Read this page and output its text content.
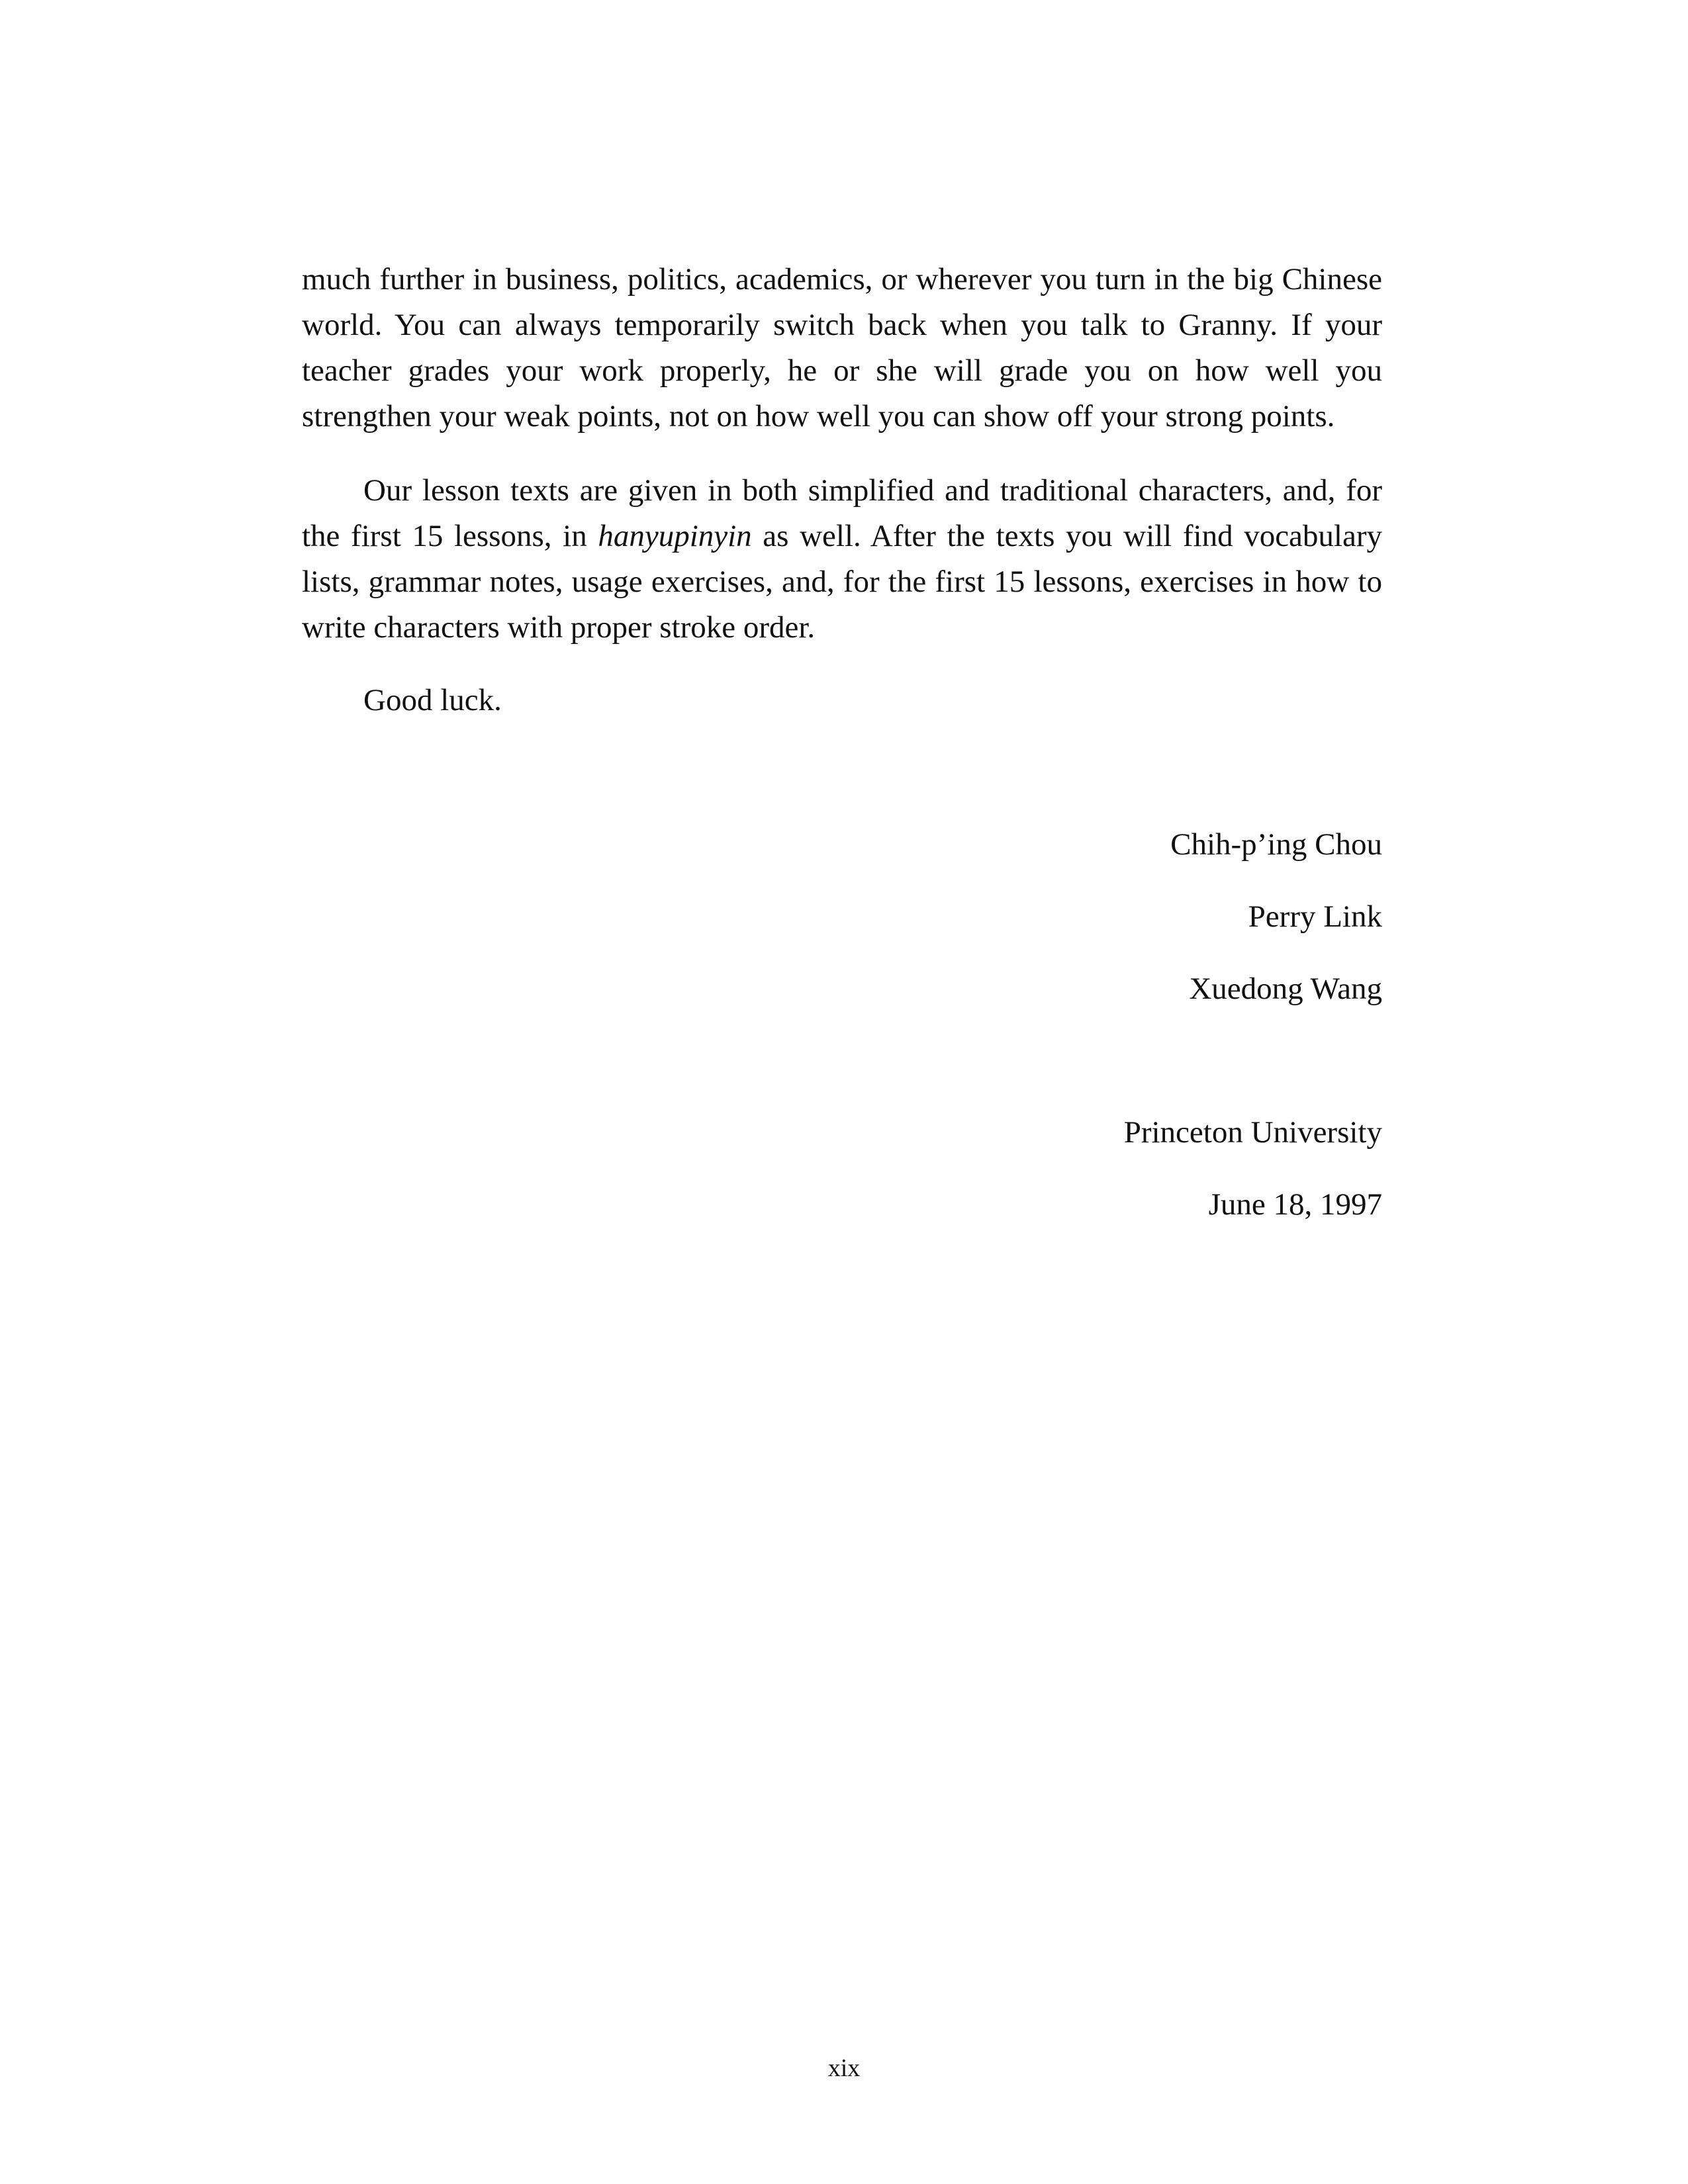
much further in business, politics, academics, or wherever you turn in the big Chinese world. You can always temporarily switch back when you talk to Granny. If your teacher grades your work properly, he or she will grade you on how well you strengthen your weak points, not on how well you can show off your strong points.

Our lesson texts are given in both simplified and traditional characters, and, for the first 15 lessons, in hanyupinyin as well. After the texts you will find vocabulary lists, grammar notes, usage exercises, and, for the first 15 lessons, exercises in how to write characters with proper stroke order.

Good luck.

Chih-p’ing Chou

Perry Link

Xuedong Wang

Princeton University

June 18, 1997

xix
